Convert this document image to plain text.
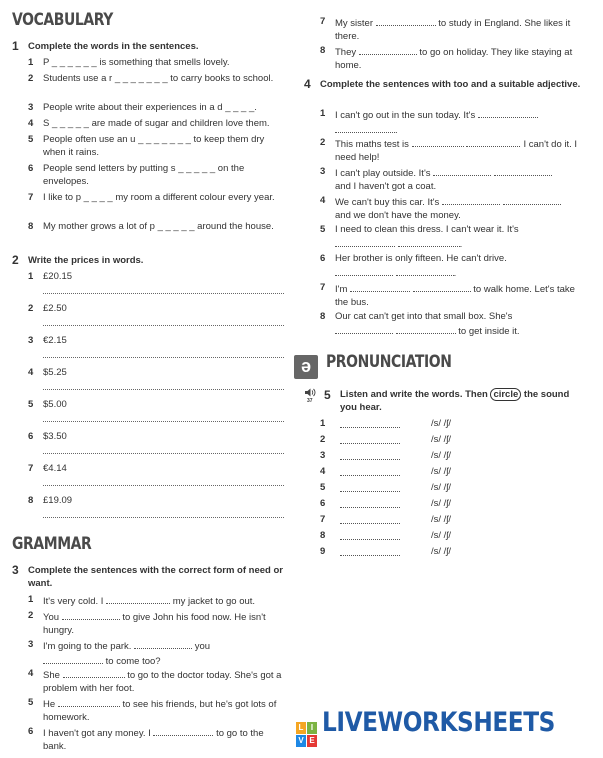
VOCABULARY
1 Complete the words in the sentences.
1 P _ _ _ _ _ _ is something that smells lovely.
2 Students use a r _ _ _ _ _ _ _ to carry books to school.
3 People write about their experiences in a d _ _ _ _.
4 S _ _ _ _ _ are made of sugar and children love them.
5 People often use an u _ _ _ _ _ _ _ to keep them dry when it rains.
6 People send letters by putting s _ _ _ _ _ on the envelopes.
7 I like to p _ _ _ _ my room a different colour every year.
8 My mother grows a lot of p _ _ _ _ _ around the house.
2 Write the prices in words.
1 £20.15
2 £2.50
3 €2.15
4 $5.25
5 $5.00
6 $3.50
7 €4.14
8 £19.09
GRAMMAR
3 Complete the sentences with the correct form of need or want.
1 It's very cold. I	my jacket to go out.
2 You	to give John his food now. He isn't hungry.
3 I'm going to the park.	you
to come too?
4 She	to go to the doctor today. She's got a problem with her foot.
5 He	to see his friends, but he's got lots of homework.
6 I haven't got any money. I	to go to the bank.
7 My sister	to study in England. She likes it there.
8 They	to go on holiday. They like staying at home.
4 Complete the sentences with too and a suitable adjective.
1 I can't go out in the sun today. It's
.
2 This maths test is	. I can't do it. I need help!
3 I can't play outside. It's
and I haven't got a coat.
4 We can't buy this car. It's
and we don't have the money.
5 I need to clean this dress. I can't wear it. It's
.
6 Her brother is only fifteen. He can't drive.
.
7 I'm	to walk home. Let's take the bus.
8 Our cat can't get into that small box. She's
to get inside it.
ə PRONUNCIATION
37 5 Listen and write the words. Then circle the sound you hear.
1	/s/ /ʃ/
2	/s/ /ʃ/
3	/s/ /ʃ/
4	/s/ /ʃ/
5	/s/ /ʃ/
6	/s/ /ʃ/
7	/s/ /ʃ/
8	/s/ /ʃ/
9	/s/ /ʃ/
L I
V E
LIVEWORKSHEETS
